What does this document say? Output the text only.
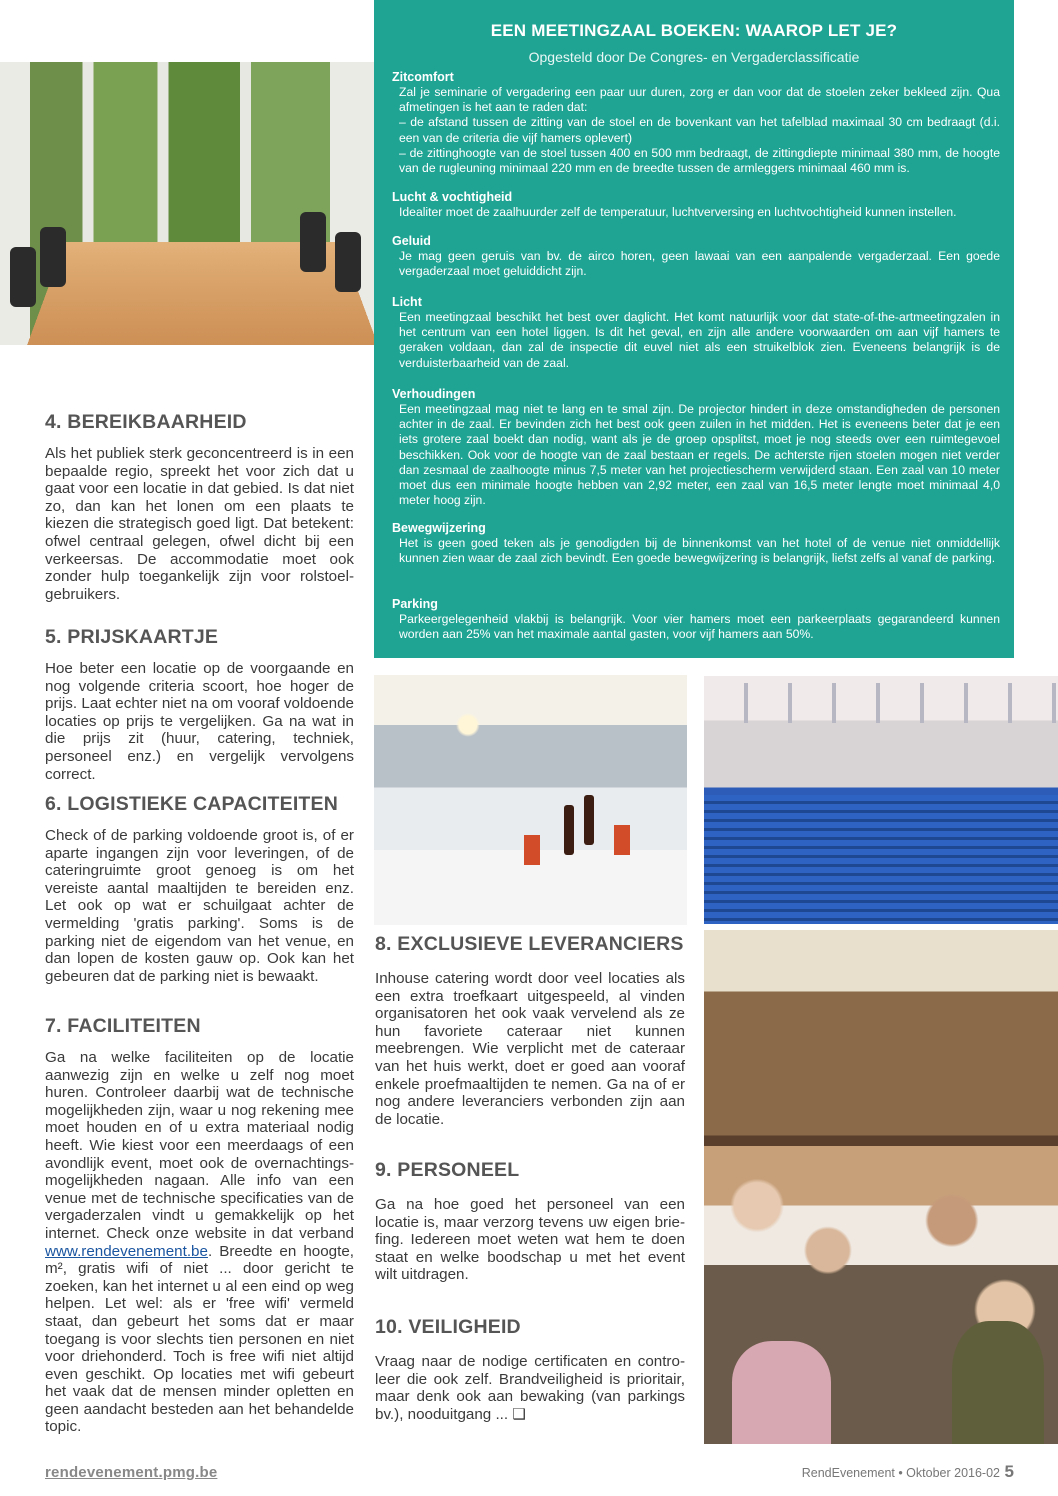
EEN MEETINGZAAL BOEKEN: WAAROP LET JE?
Opgesteld door De Congres- en Vergaderclassificatie
Zitcomfort
Zal je seminarie of vergadering een paar uur duren, zorg er dan voor dat de stoelen zeker bekleed zijn. Qua afmetingen is het aan te raden dat:
– de afstand tussen de zitting van de stoel en de bovenkant van het tafelblad maximaal 30 cm bedraagt (d.i. een van de criteria die vijf hamers oplevert)
– de zittinghoogte van de stoel tussen 400 en 500 mm bedraagt, de zittingdiepte minimaal 380 mm, de hoogte van de rugleuning minimaal 220 mm en de breedte tussen de armleggers minimaal 460 mm is.
Lucht & vochtigheid
Idealiter moet de zaalhuurder zelf de temperatuur, luchtverversing en luchtvochtigheid kunnen instellen.
Geluid
Je mag geen geruis van bv. de airco horen, geen lawaai van een aanpalende vergaderzaal. Een goede vergaderzaal moet geluiddicht zijn.
Licht
Een meetingzaal beschikt het best over daglicht. Het komt natuurlijk voor dat state-of-the-artmeetingzalen in het centrum van een hotel liggen. Is dit het geval, en zijn alle andere voorwaarden om aan vijf hamers te geraken voldaan, dan zal de inspectie dit euvel niet als een struikelblok zien. Eveneens belangrijk is de verduisterbaarheid van de zaal.
Verhoudingen
Een meetingzaal mag niet te lang en te smal zijn. De projector hindert in deze omstandigheden de personen achter in de zaal. Er bevinden zich het best ook geen zuilen in het midden. Het is eveneens beter dat je een iets grotere zaal boekt dan nodig, want als je de groep opsplitst, moet je nog steeds over een ruimtegevoel beschikken. Ook voor de hoogte van de zaal bestaan er regels. De achterste rijen stoelen mogen niet verder dan zesmaal de zaalhoogte minus 7,5 meter van het projectiescherm verwijderd staan. Een zaal van 10 meter moet dus een minimale hoogte hebben van 2,92 meter, een zaal van 16,5 meter lengte moet minimaal 4,0 meter hoog zijn.
Bewegwijzering
Het is geen goed teken als je genodigden bij de binnenkomst van het hotel of de venue niet onmiddellijk kunnen zien waar de zaal zich bevindt. Een goede bewegwijzering is belangrijk, liefst zelfs al vanaf de parking.
Parking
Parkeergelegenheid vlakbij is belangrijk. Voor vier hamers moet een parkeerplaats gegarandeerd kunnen worden aan 25% van het maximale aantal gasten, voor vijf hamers aan 50%.
4. BEREIKBAARHEID

Als het publiek sterk geconcentreerd is in een bepaalde regio, spreekt het voor zich dat u gaat voor een locatie in dat gebied. Is dat niet zo, dan kan het lonen om een plaats te kiezen die strategisch goed ligt. Dat betekent: ofwel centraal gelegen, ofwel dicht bij een verkeersas. De accommodatie moet ook zonder hulp toegankelijk zijn voor rolstoel-gebruikers.

5. PRIJSKAARTJE

Hoe beter een locatie op de voorgaande en nog volgende criteria scoort, hoe hoger de prijs. Laat echter niet na om vooraf voldoende locaties op prijs te vergelijken. Ga na wat in die prijs zit (huur, catering, techniek, personeel enz.) en vergelijk vervolgens correct.

6. LOGISTIEKE CAPACITEITEN

Check of de parking voldoende groot is, of er aparte ingangen zijn voor leveringen, of de cateringruimte groot genoeg is om het vereiste aantal maaltijden te bereiden enz. Let ook op wat er schuilgaat achter de vermelding 'gratis parking'. Soms is de parking niet de eigendom van het venue, en dan lopen de kosten gauw op. Ook kan het gebeuren dat de parking niet is bewaakt.

7. FACILITEITEN

Ga na welke faciliteiten op de locatie aanwezig zijn en welke u zelf nog moet huren. Controleer daarbij wat de technische mogelijkheden zijn, waar u nog rekening mee moet houden en of u extra materiaal nodig heeft. Wie kiest voor een meerdaags of een avondlijk event, moet ook de overnachtings-mogelijkheden nagaan. Alle info van een venue met de technische specificaties van de vergaderzalen vindt u gemakkelijk op het internet. Check onze website in dat verband www.rendevenement.be. Breedte en hoogte, m², gratis wifi of niet ... door gericht te zoeken, kan het internet u al een eind op weg helpen. Let wel: als er 'free wifi' vermeld staat, dan gebeurt het soms dat er maar toegang is voor slechts tien personen en niet voor driehonderd. Toch is free wifi niet altijd even geschikt. Op locaties met wifi gebeurt het vaak dat de mensen minder opletten en geen aandacht besteden aan het behandelde topic.

8. EXCLUSIEVE LEVERANCIERS

Inhouse catering wordt door veel locaties als een extra troefkaart uitgespeeld, al vinden organisatoren het ook vaak vervelend als ze hun favoriete cateraar niet kunnen meebrengen. Wie verplicht met de cateraar van het huis werkt, doet er goed aan vooraf enkele proefmaaltijden te nemen. Ga na of er nog andere leveranciers verbonden zijn aan de locatie.

9. PERSONEEL

Ga na hoe goed het personeel van een locatie is, maar verzorg tevens uw eigen brie-fing. Iedereen moet weten wat hem te doen staat en welke boodschap u met het event wilt uitdragen.

10. VEILIGHEID

Vraag naar de nodige certificaten en contro-leer die ook zelf. Brandveiligheid is prioritair, maar denk ook aan bewaking (van parkings bv.), nooduitgang ... ❑

rendevenement.pmg.be	RendEvenement • Oktober 2016-02 5
